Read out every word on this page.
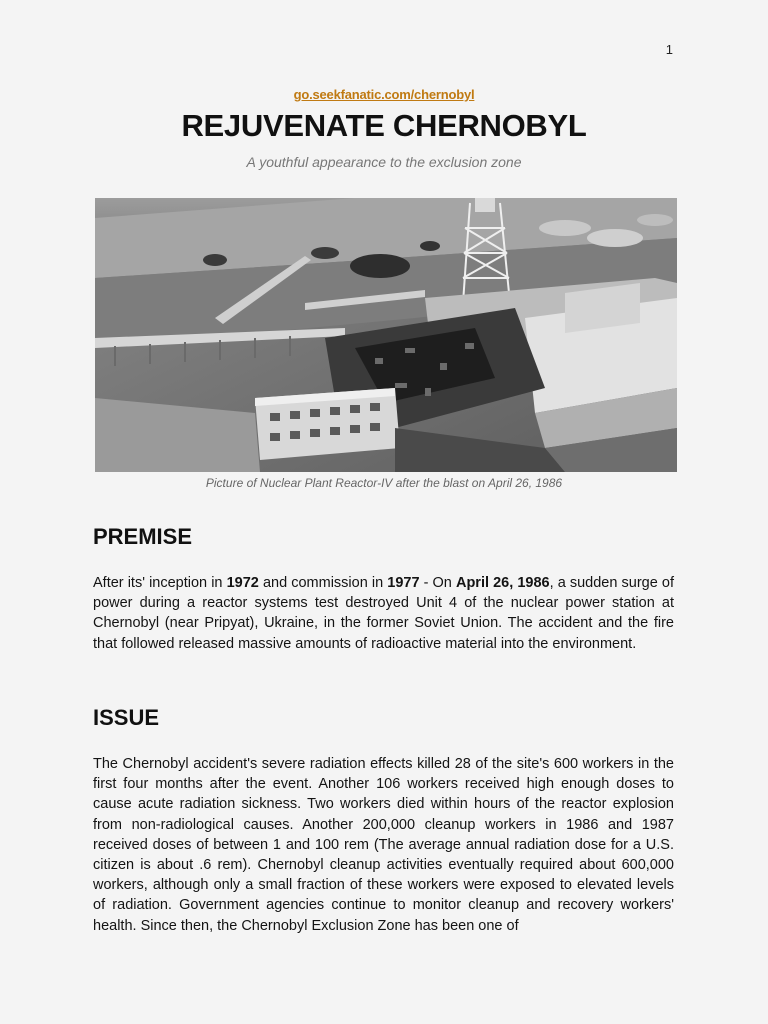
1
go.seekfanatic.com/chernobyl
REJUVENATE CHERNOBYL
A youthful appearance to the exclusion zone
Picture of Nuclear Plant Reactor-IV after the blast on April 26, 1986
PREMISE

After its' inception in 1972 and commission in 1977 - On April 26, 1986, a sudden surge of power during a reactor systems test destroyed Unit 4 of the nuclear power station at Chernobyl (near Pripyat), Ukraine, in the former Soviet Union. The accident and the fire that followed released massive amounts of radioactive material into the environment.

ISSUE

The Chernobyl accident's severe radiation effects killed 28 of the site's 600 workers in the first four months after the event. Another 106 workers received high enough doses to cause acute radiation sickness. Two workers died within hours of the reactor explosion from non-radiological causes. Another 200,000 cleanup workers in 1986 and 1987 received doses of between 1 and 100 rem (The average annual radiation dose for a U.S. citizen is about .6 rem). Chernobyl cleanup activities eventually required about 600,000 workers, although only a small fraction of these workers were exposed to elevated levels of radiation. Government agencies continue to monitor cleanup and recovery workers' health. Since then, the Chernobyl Exclusion Zone has been one of
